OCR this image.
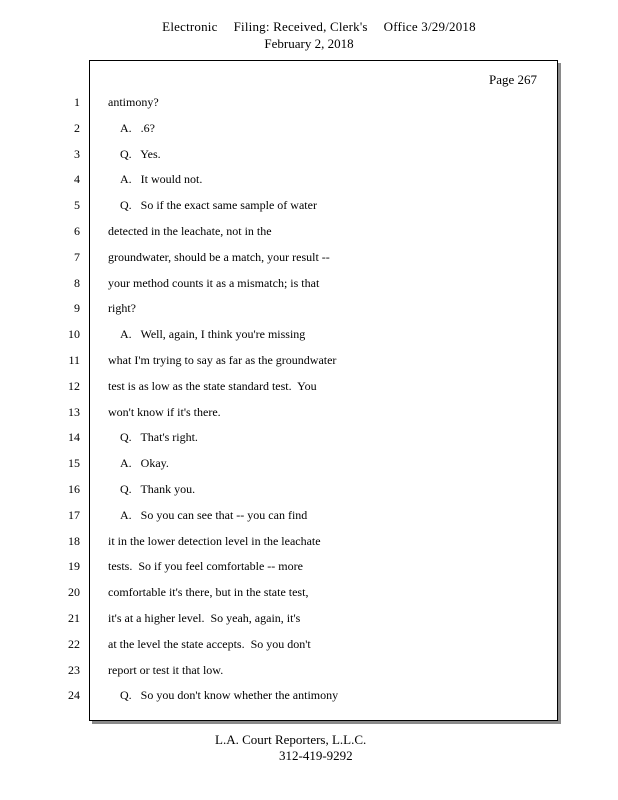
Electronic Filing: Received, Clerk's Office 3/29/2018
February 2, 2018
Page 267
1 antimony?
2	A.   .6?
3	Q.   Yes.
4	A.   It would not.
5	Q.   So if the exact same sample of water
6 detected in the leachate, not in the
7 groundwater, should be a match, your result --
8 your method counts it as a mismatch; is that
9 right?
10	A.   Well, again, I think you're missing
11 what I'm trying to say as far as the groundwater
12 test is as low as the state standard test.  You
13 won't know if it's there.
14	Q.   That's right.
15	A.   Okay.
16	Q.   Thank you.
17	A.   So you can see that -- you can find
18 it in the lower detection level in the leachate
19 tests.  So if you feel comfortable -- more
20 comfortable it's there, but in the state test,
21 it's at a higher level.  So yeah, again, it's
22 at the level the state accepts.  So you don't
23 report or test it that low.
24	Q.   So you don't know whether the antimony
L.A. Court Reporters, L.L.C.
312-419-9292
